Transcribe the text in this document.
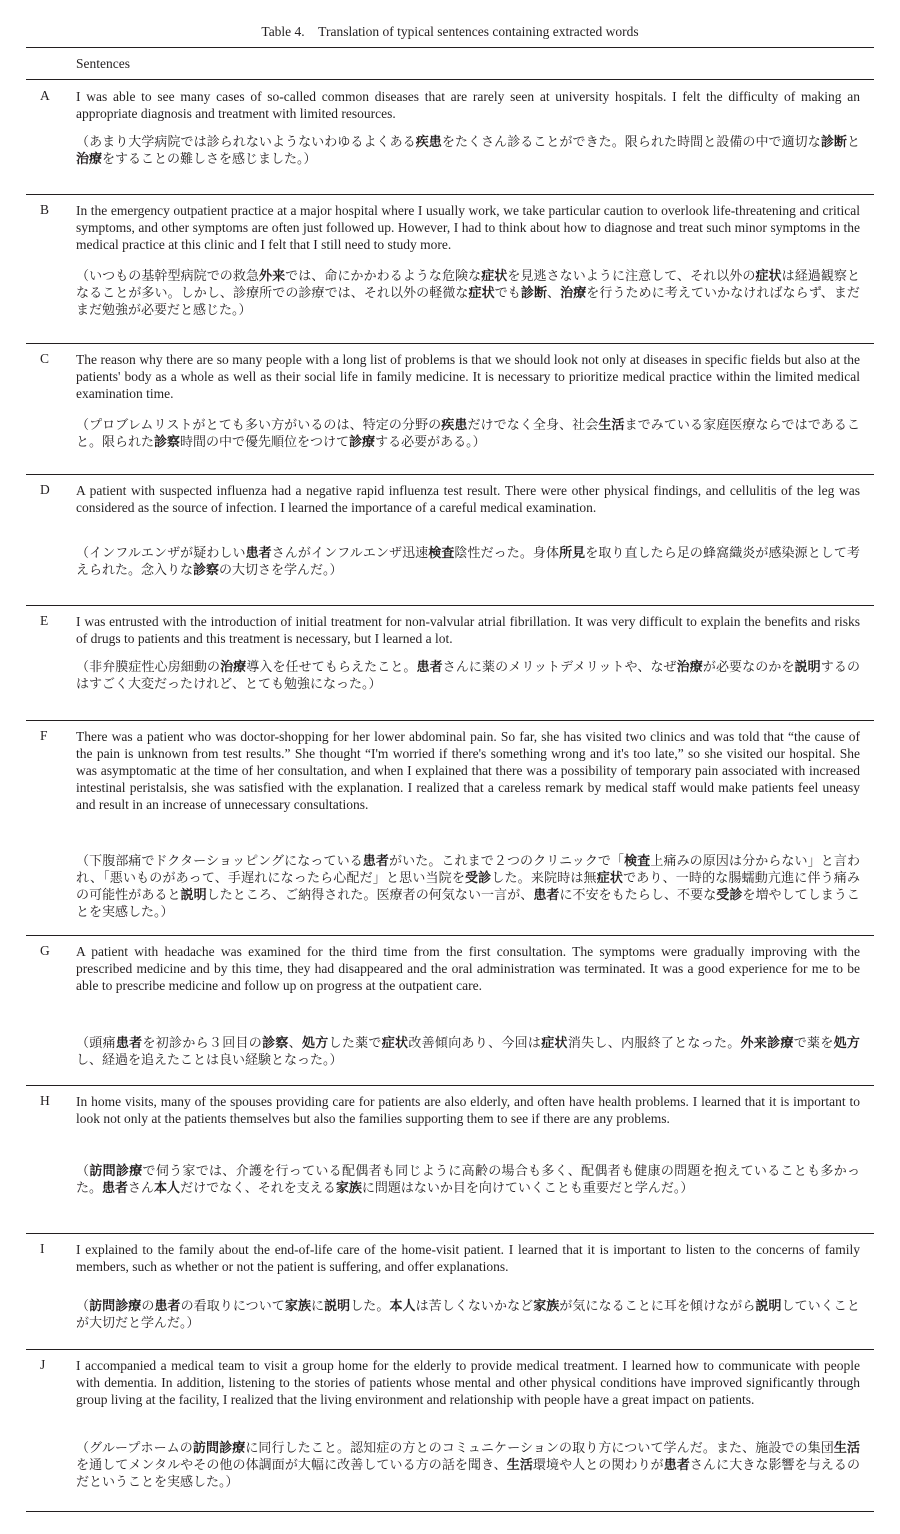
Table 4. Translation of typical sentences containing extracted words
Sentences
A I was able to see many cases of so-called common diseases that are rarely seen at university hospitals. I felt the difficulty of making an appropriate diagnosis and treatment with limited resources.
（あまり大学病院では診られないようないわゆるよくある疾患をたくさん診ることができた。限られた時間と設備の中で適切な診断と治療をすることの難しさを感じました。）
B In the emergency outpatient practice at a major hospital where I usually work, we take particular caution to overlook life-threatening and critical symptoms, and other symptoms are often just followed up. However, I had to think about how to diagnose and treat such minor symptoms in the medical practice at this clinic and I felt that I still need to study more.
（いつもの基幹型病院での救急外来では、命にかかわるような危険な症状を見逃さないように注意して、それ以外の症状は経過観察となることが多い。しかし、診療所での診療では、それ以外の軽微な症状でも診断、治療を行うために考えていかなければならず、まだまだ勉強が必要だと感じた。）
C The reason why there are so many people with a long list of problems is that we should look not only at diseases in specific fields but also at the patients' body as a whole as well as their social life in family medicine. It is necessary to prioritize medical practice within the limited medical examination time.
（プロブレムリストがとても多い方がいるのは、特定の分野の疾患だけでなく全身、社会生活までみている家庭医療ならではであること。限られた診察時間の中で優先順位をつけて診療する必要がある。）
D A patient with suspected influenza had a negative rapid influenza test result. There were other physical findings, and cellulitis of the leg was considered as the source of infection. I learned the importance of a careful medical examination.
（インフルエンザが疑わしい患者さんがインフルエンザ迅速検査陰性だった。身体所見を取り直したら足の蜂窩織炎が感染源として考えられた。念入りな診察の大切さを学んだ。）
E I was entrusted with the introduction of initial treatment for non-valvular atrial fibrillation. It was very difficult to explain the benefits and risks of drugs to patients and this treatment is necessary, but I learned a lot.
（非弁膜症性心房細動の治療導入を任せてもらえたこと。患者さんに薬のメリットデメリットや、なぜ治療が必要なのかを説明するのはすごく大変だったけれど、とても勉強になった。）
F There was a patient who was doctor-shopping for her lower abdominal pain. So far, she has visited two clinics and was told that “the cause of the pain is unknown from test results.” She thought “I'm worried if there's something wrong and it's too late,” so she visited our hospital. She was asymptomatic at the time of her consultation, and when I explained that there was a possibility of temporary pain associated with increased intestinal peristalsis, she was satisfied with the explanation. I realized that a careless remark by medical staff would make patients feel uneasy and result in an increase of unnecessary consultations.
（下腹部痛でドクターショッピングになっている患者がいた。これまで２つのクリニックで「検査上痛みの原因は分からない」と言われ、「悪いものがあって、手遅れになったら心配だ」と思い当院を受診した。来院時は無症状であり、一時的な腸蠕動亢進に伴う痛みの可能性があると説明したところ、ご納得された。医療者の何気ない一言が、患者に不安をもたらし、不要な受診を増やしてしまうことを実感した。）
G A patient with headache was examined for the third time from the first consultation. The symptoms were gradually improving with the prescribed medicine and by this time, they had disappeared and the oral administration was terminated. It was a good experience for me to be able to prescribe medicine and follow up on progress at the outpatient care.
（頭痛患者を初診から３回目の診察、処方した薬で症状改善傾向あり、今回は症状消失し、内服終了となった。外来診療で薬を処方し、経過を追えたことは良い経験となった。）
H In home visits, many of the spouses providing care for patients are also elderly, and often have health problems. I learned that it is important to look not only at the patients themselves but also the families supporting them to see if there are any problems.
（訪問診療で伺う家では、介護を行っている配偶者も同じように高齢の場合も多く、配偶者も健康の問題を抱えていることも多かった。患者さん本人だけでなく、それを支える家族に問題はないか目を向けていくことも重要だと学んだ。）
I I explained to the family about the end-of-life care of the home-visit patient. I learned that it is important to listen to the concerns of family members, such as whether or not the patient is suffering, and offer explanations.
（訪問診療の患者の看取りについて家族に説明した。本人は苦しくないかなど家族が気になることに耳を傾けながら説明していくことが大切だと学んだ。）
J I accompanied a medical team to visit a group home for the elderly to provide medical treatment. I learned how to communicate with people with dementia. In addition, listening to the stories of patients whose mental and other physical conditions have improved significantly through group living at the facility, I realized that the living environment and relationship with people have a great impact on patients.
（グループホームの訪問診療に同行したこと。認知症の方とのコミュニケーションの取り方について学んだ。また、施設での集団生活を通してメンタルやその他の体調面が大幅に改善している方の話を聞き、生活環境や人との関わりが患者さんに大きな影響を与えるのだということを実感した。）
